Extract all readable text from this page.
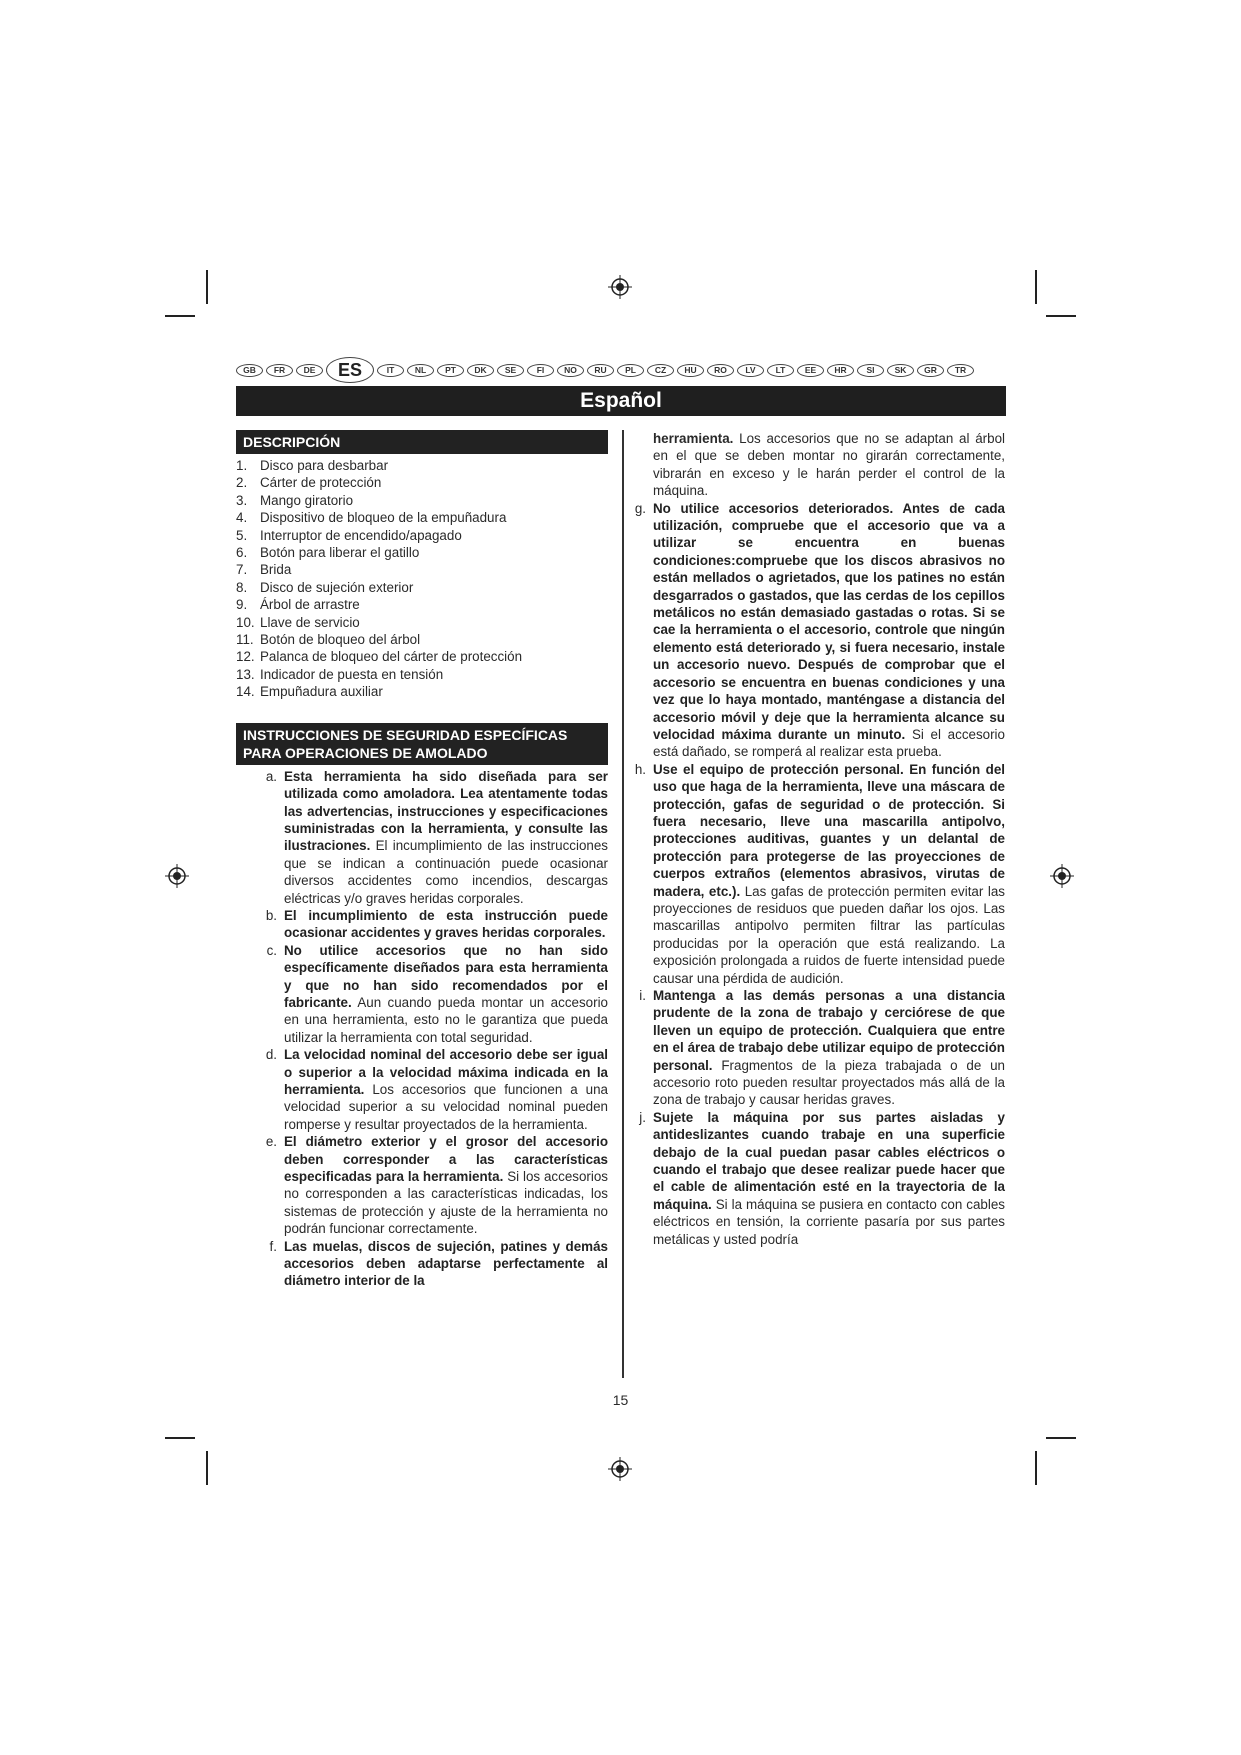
GB	FR	DE	ES	IT	NL	PT	DK	SE	FI	NO	RU	PL	CZ	HU	RO	LV	LT	EE	HR	SI	SK	GR	TR
Español
DESCRIPCIÓN
1. Disco para desbarbar
2. Cárter de protección
3. Mango giratorio
4. Dispositivo de bloqueo de la empuñadura
5. Interruptor de encendido/apagado
6. Botón para liberar el gatillo
7. Brida
8. Disco de sujeción exterior
9. Árbol de arrastre
10. Llave de servicio
11. Botón de bloqueo del árbol
12. Palanca de bloqueo del cárter de protección
13. Indicador de puesta en tensión
14. Empuñadura auxiliar
INSTRUCCIONES DE SEGURIDAD ESPECÍFICAS PARA OPERACIONES DE AMOLADO
a. Esta herramienta ha sido diseñada para ser utilizada como amoladora. Lea atentamente todas las advertencias, instrucciones y especificaciones suministradas con la herramienta, y consulte las ilustraciones. El incumplimiento de las instrucciones que se indican a continuación puede ocasionar diversos accidentes como incendios, descargas eléctricas y/o graves heridas corporales.
b. El incumplimiento de esta instrucción puede ocasionar accidentes y graves heridas corporales.
c. No utilice accesorios que no han sido específicamente diseñados para esta herramienta y que no han sido recomendados por el fabricante. Aun cuando pueda montar un accesorio en una herramienta, esto no le garantiza que pueda utilizar la herramienta con total seguridad.
d. La velocidad nominal del accesorio debe ser igual o superior a la velocidad máxima indicada en la herramienta. Los accesorios que funcionen a una velocidad superior a su velocidad nominal pueden romperse y resultar proyectados de la herramienta.
e. El diámetro exterior y el grosor del accesorio deben corresponder a las características especificadas para la herramienta. Si los accesorios no corresponden a las características indicadas, los sistemas de protección y ajuste de la herramienta no podrán funcionar correctamente.
f. Las muelas, discos de sujeción, patines y demás accesorios deben adaptarse perfectamente al diámetro interior de la
herramienta. Los accesorios que no se adaptan al árbol en el que se deben montar no girarán correctamente, vibrarán en exceso y le harán perder el control de la máquina.
g. No utilice accesorios deteriorados. Antes de cada utilización, compruebe que el accesorio que va a utilizar se encuentra en buenas condiciones:compruebe que los discos abrasivos no están mellados o agrietados, que los patines no están desgarrados o gastados, que las cerdas de los cepillos metálicos no están demasiado gastadas o rotas. Si se cae la herramienta o el accesorio, controle que ningún elemento está deteriorado y, si fuera necesario, instale un accesorio nuevo. Después de comprobar que el accesorio se encuentra en buenas condiciones y una vez que lo haya montado, manténgase a distancia del accesorio móvil y deje que la herramienta alcance su velocidad máxima durante un minuto. Si el accesorio está dañado, se romperá al realizar esta prueba.
h. Use el equipo de protección personal. En función del uso que haga de la herramienta, lleve una máscara de protección, gafas de seguridad o de protección. Si fuera necesario, lleve una mascarilla antipolvo, protecciones auditivas, guantes y un delantal de protección para protegerse de las proyecciones de cuerpos extraños (elementos abrasivos, virutas de madera, etc.). Las gafas de protección permiten evitar las proyecciones de residuos que pueden dañar los ojos. Las mascarillas antipolvo permiten filtrar las partículas producidas por la operación que está realizando. La exposición prolongada a ruidos de fuerte intensidad puede causar una pérdida de audición.
i. Mantenga a las demás personas a una distancia prudente de la zona de trabajo y cerciórese de que lleven un equipo de protección. Cualquiera que entre en el área de trabajo debe utilizar equipo de protección personal. Fragmentos de la pieza trabajada o de un accesorio roto pueden resultar proyectados más allá de la zona de trabajo y causar heridas graves.
j. Sujete la máquina por sus partes aisladas y antideslizantes cuando trabaje en una superficie debajo de la cual puedan pasar cables eléctricos o cuando el trabajo que desee realizar puede hacer que el cable de alimentación esté en la trayectoria de la máquina. Si la máquina se pusiera en contacto con cables eléctricos en tensión, la corriente pasaría por sus partes metálicas y usted podría
15
